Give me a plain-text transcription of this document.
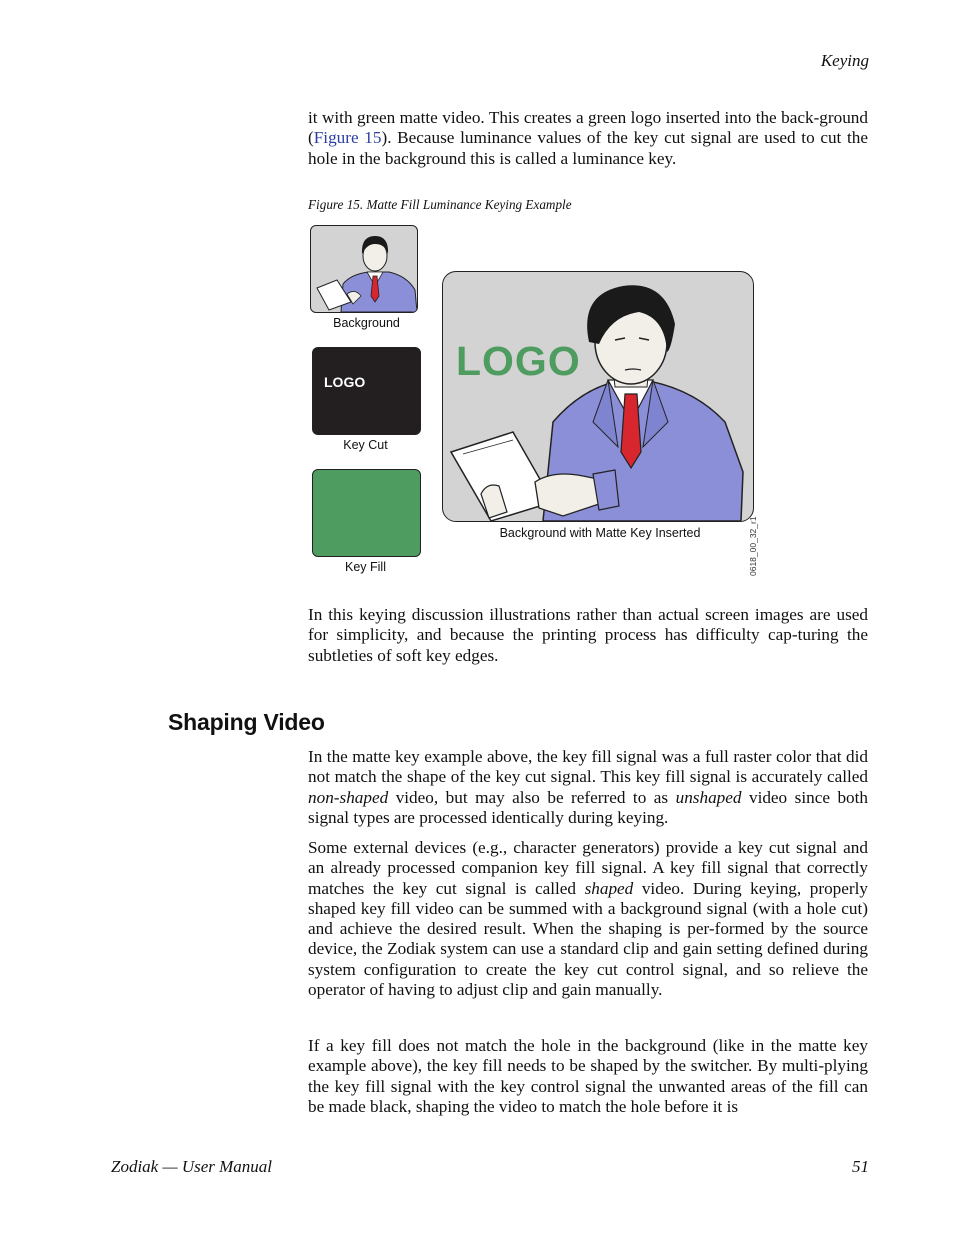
Keying

it with green matte video. This creates a green logo inserted into the back-ground (Figure 15). Because luminance values of the key cut signal are used to cut the hole in the background this is called a luminance key.

Figure 15. Matte Fill Luminance Keying Example
Background
LOGO
Key Cut
Key Fill
LOGO
Background with Matte Key Inserted	0618_00_32_r1

In this keying discussion illustrations rather than actual screen images are used for simplicity, and because the printing process has difficulty cap-turing the subtleties of soft key edges.

Shaping Video

In the matte key example above, the key fill signal was a full raster color that did not match the shape of the key cut signal. This key fill signal is accurately called non-shaped video, but may also be referred to as unshaped video since both signal types are processed identically during keying.

Some external devices (e.g., character generators) provide a key cut signal and an already processed companion key fill signal. A key fill signal that correctly matches the key cut signal is called shaped video. During keying, properly shaped key fill video can be summed with a background signal (with a hole cut) and achieve the desired result. When the shaping is per-formed by the source device, the Zodiak system can use a standard clip and gain setting defined during system configuration to create the key cut control signal, and so relieve the operator of having to adjust clip and gain manually.

If a key fill does not match the hole in the background (like in the matte key example above), the key fill needs to be shaped by the switcher. By multi-plying the key fill signal with the key control signal the unwanted areas of the fill can be made black, shaping the video to match the hole before it is

Zodiak — User Manual	51
